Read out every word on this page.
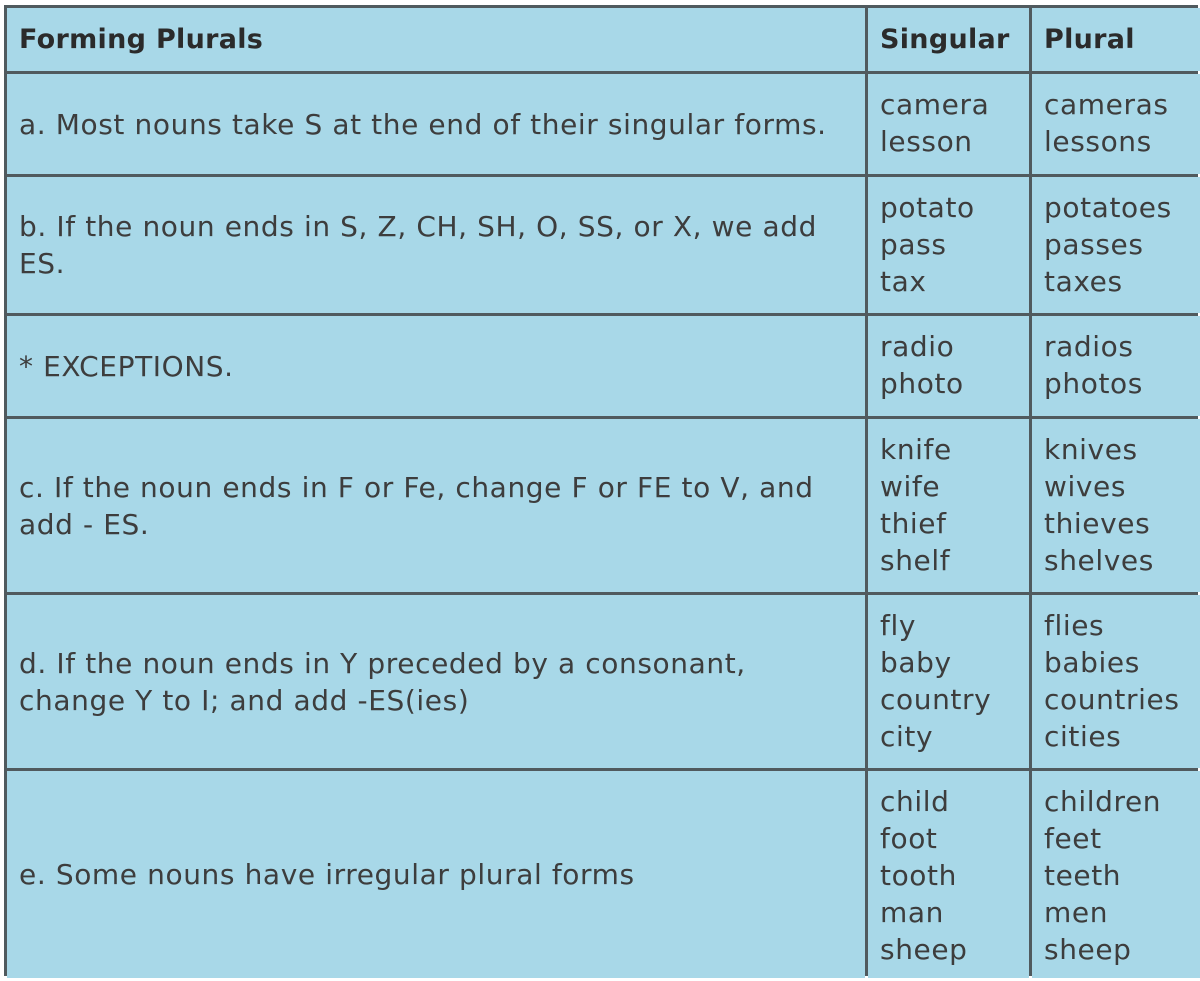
Forming Plurals	Singular	Plural
a. Most nouns take S at the end of their singular forms.
camera
lesson
cameras
lessons
b. If the noun ends in S, Z, CH, SH, O, SS, or X, we add ES.
potato
pass
tax
potatoes
passes
taxes
* EXCEPTIONS.
radio
photo
radios
photos
c. If the noun ends in F or Fe, change F or FE to V, and add - ES.
knife
wife
thief
shelf
knives
wives
thieves
shelves
d. If the noun ends in Y preceded by a consonant, change Y to I; and add -ES(ies)
fly
baby
country
city
flies
babies
countries
cities
e. Some nouns have irregular plural forms
child
foot
tooth
man
sheep
children
feet
teeth
men
sheep
